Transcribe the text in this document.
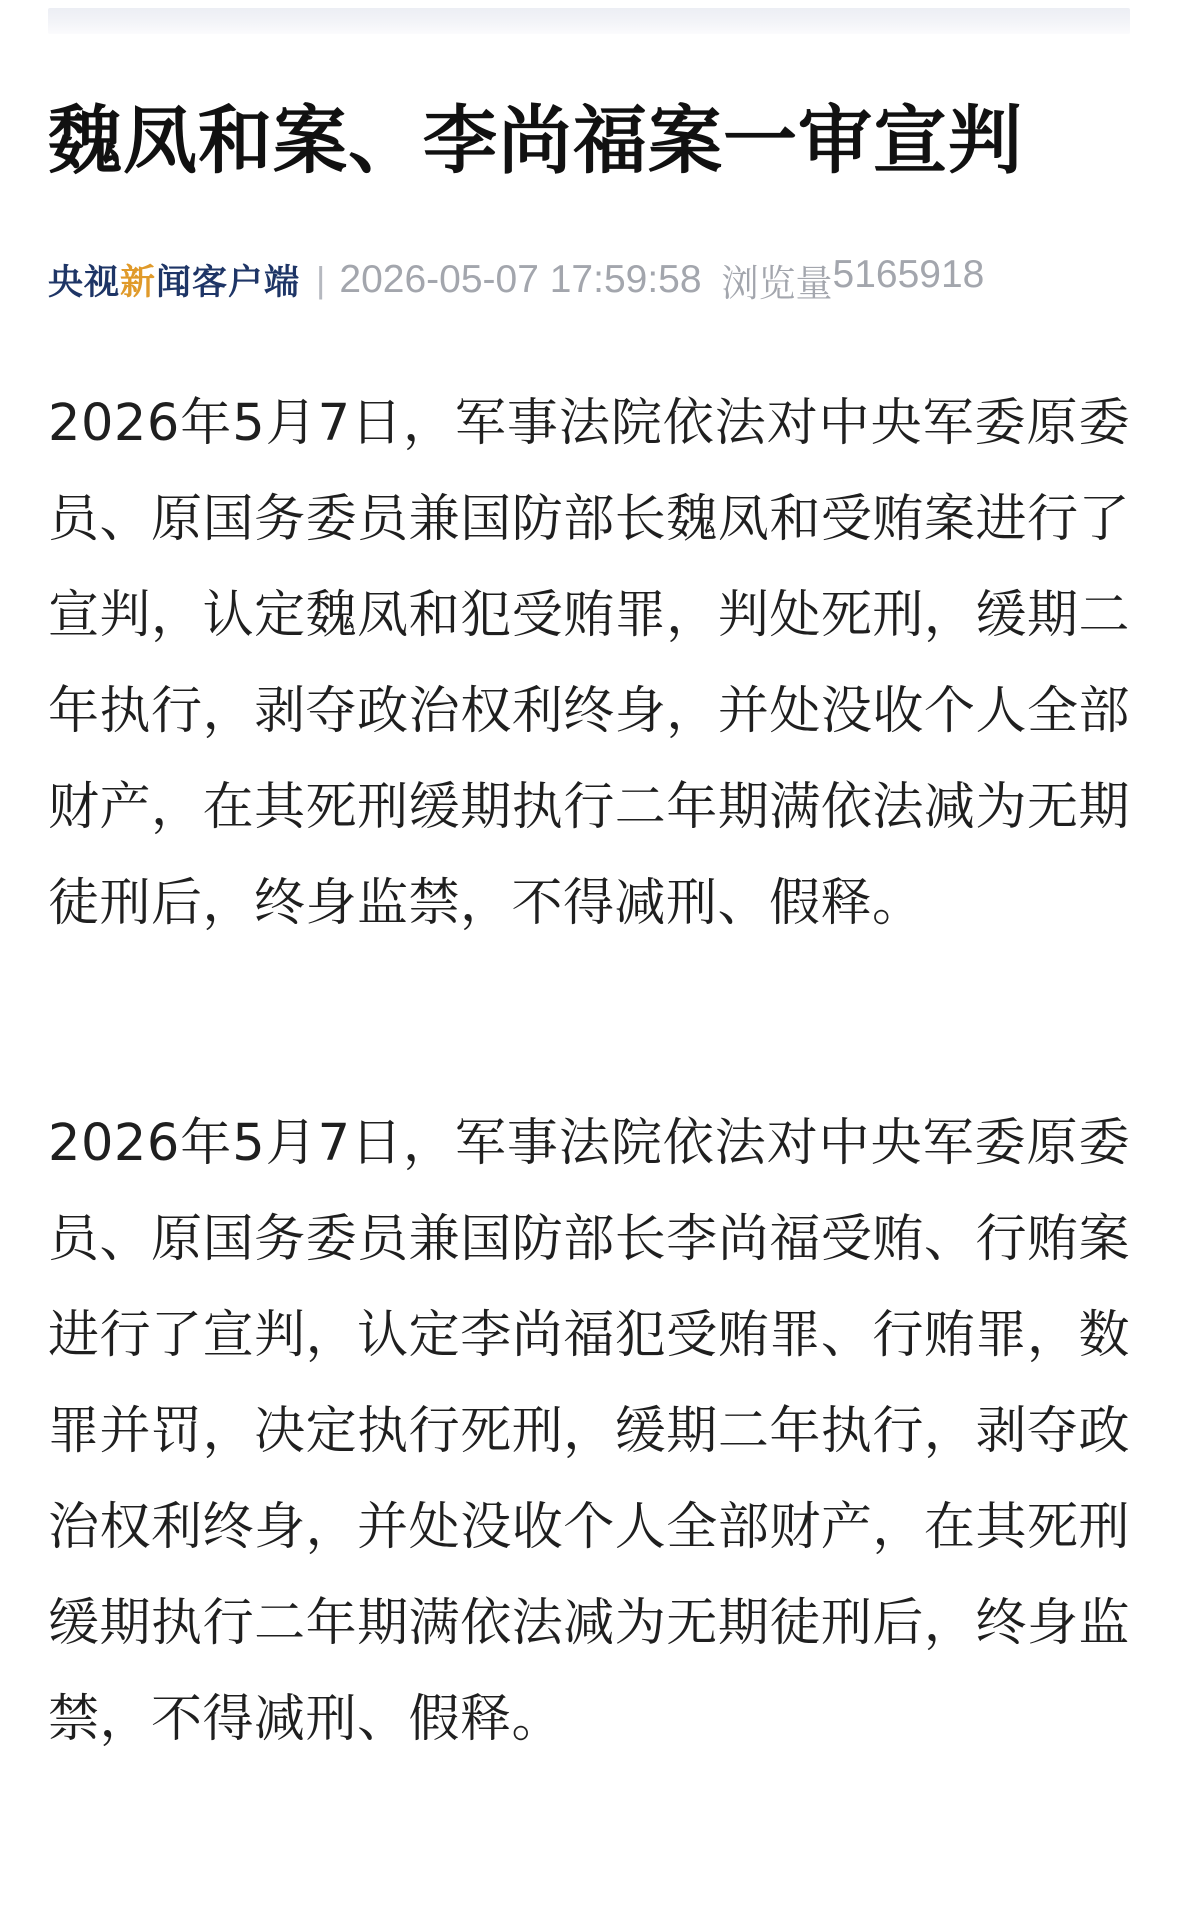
魏凤和案、李尚福案一审宣判
央视新闻客户端 | 2026-05-07 17:59:58 浏览量 5165918

2026年5月7日，军事法院依法对中央军委原委员、原国务委员兼国防部长魏凤和受贿案进行了宣判，认定魏凤和犯受贿罪，判处死刑，缓期二年执行，剥夺政治权利终身，并处没收个人全部财产，在其死刑缓期执行二年期满依法减为无期徒刑后，终身监禁，不得减刑、假释。

2026年5月7日，军事法院依法对中央军委原委员、原国务委员兼国防部长李尚福受贿、行贿案进行了宣判，认定李尚福犯受贿罪、行贿罪，数罪并罚，决定执行死刑，缓期二年执行，剥夺政治权利终身，并处没收个人全部财产，在其死刑缓期执行二年期满依法减为无期徒刑后，终身监禁，不得减刑、假释。
